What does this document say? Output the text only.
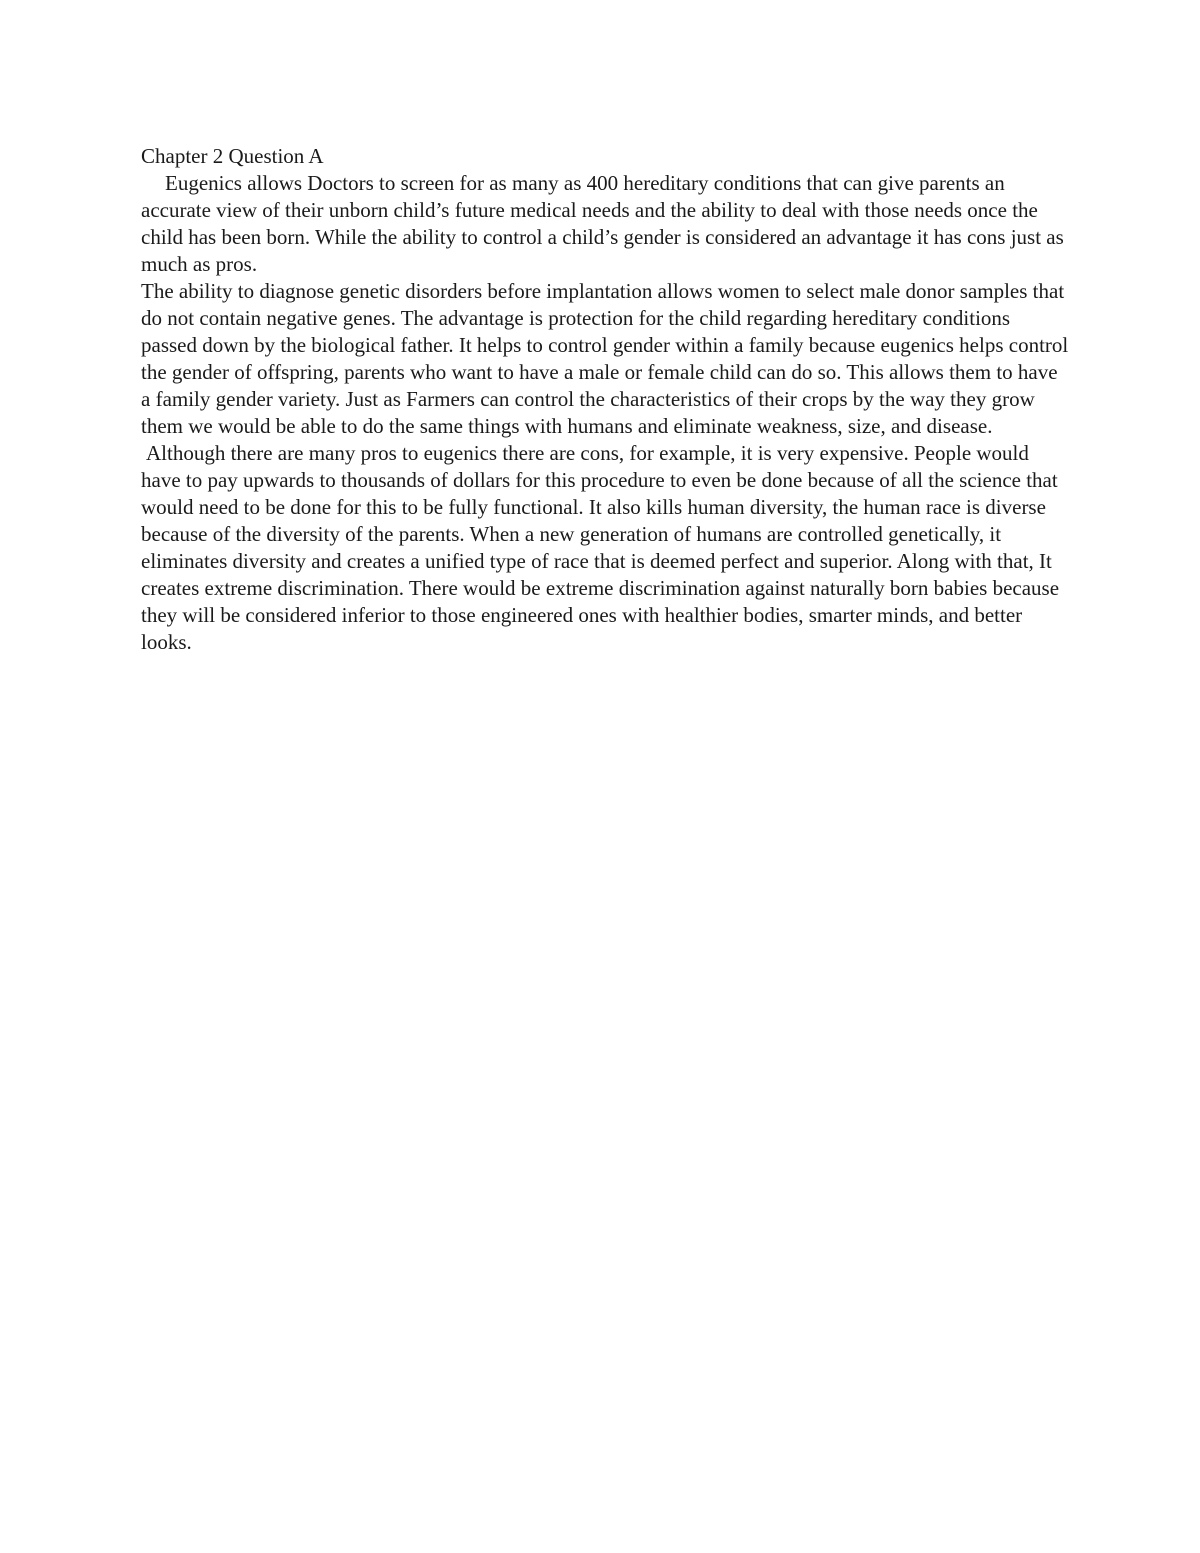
Chapter 2 Question A

Eugenics allows Doctors to screen for as many as 400 hereditary conditions that can give parents an accurate view of their unborn child’s future medical needs and the ability to deal with those needs once the child has been born. While the ability to control a child’s gender is considered an advantage it has cons just as much as pros.

The ability to diagnose genetic disorders before implantation allows women to select male donor samples that do not contain negative genes. The advantage is protection for the child regarding hereditary conditions passed down by the biological father. It helps to control gender within a family because eugenics helps control the gender of offspring, parents who want to have a male or female child can do so. This allows them to have a family gender variety. Just as Farmers can control the characteristics of their crops by the way they grow them we would be able to do the same things with humans and eliminate weakness, size, and disease.

Although there are many pros to eugenics there are cons, for example, it is very expensive. People would have to pay upwards to thousands of dollars for this procedure to even be done because of all the science that would need to be done for this to be fully functional. It also kills human diversity, the human race is diverse because of the diversity of the parents. When a new generation of humans are controlled genetically, it eliminates diversity and creates a unified type of race that is deemed perfect and superior. Along with that, It creates extreme discrimination. There would be extreme discrimination against naturally born babies because they will be considered inferior to those engineered ones with healthier bodies, smarter minds, and better looks.
